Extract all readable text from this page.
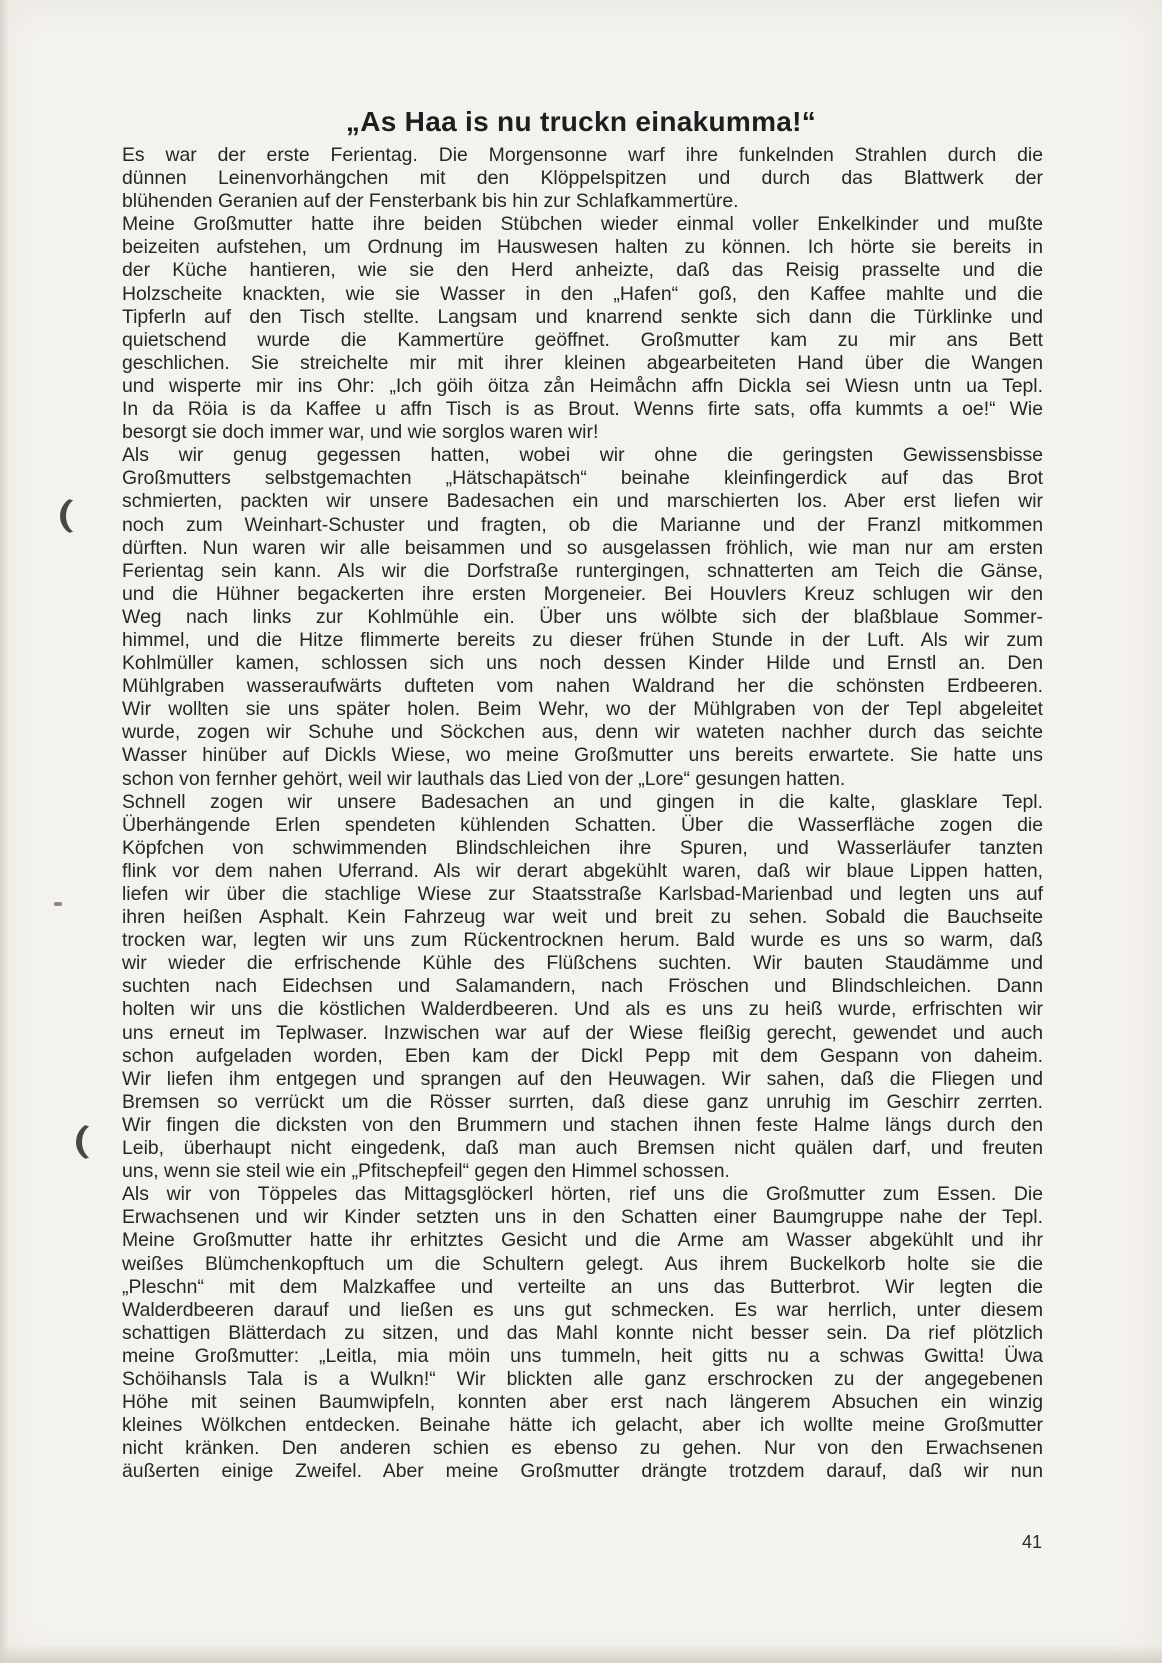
„As Haa is nu truckn einakumma!“
Es war der erste Ferientag. Die Morgensonne warf ihre funkelnden Strahlen durch die
dünnen Leinenvorhängchen mit den Klöppelspitzen und durch das Blattwerk der
blühenden Geranien auf der Fensterbank bis hin zur Schlafkammertüre.
Meine Großmutter hatte ihre beiden Stübchen wieder einmal voller Enkelkinder und mußte
beizeiten aufstehen, um Ordnung im Hauswesen halten zu können. Ich hörte sie bereits in
der Küche hantieren, wie sie den Herd anheizte, daß das Reisig prasselte und die
Holzscheite knackten, wie sie Wasser in den „Hafen“ goß, den Kaffee mahlte und die
Tipferln auf den Tisch stellte. Langsam und knarrend senkte sich dann die Türklinke und
quietschend wurde die Kammertüre geöffnet. Großmutter kam zu mir ans Bett
geschlichen. Sie streichelte mir mit ihrer kleinen abgearbeiteten Hand über die Wangen
und wisperte mir ins Ohr: „Ich göih öitza zån Heimåchn affn Dickla sei Wiesn untn ua Tepl.
In da Röia is da Kaffee u affn Tisch is as Brout. Wenns firte sats, offa kummts a oe!“ Wie
besorgt sie doch immer war, und wie sorglos waren wir!
Als wir genug gegessen hatten, wobei wir ohne die geringsten Gewissensbisse
Großmutters selbstgemachten „Hätschapätsch“ beinahe kleinfingerdick auf das Brot
schmierten, packten wir unsere Badesachen ein und marschierten los. Aber erst liefen wir
noch zum Weinhart-Schuster und fragten, ob die Marianne und der Franzl mitkommen
dürften. Nun waren wir alle beisammen und so ausgelassen fröhlich, wie man nur am ersten
Ferientag sein kann. Als wir die Dorfstraße runtergingen, schnatterten am Teich die Gänse,
und die Hühner begackerten ihre ersten Morgeneier. Bei Houvlers Kreuz schlugen wir den
Weg nach links zur Kohlmühle ein. Über uns wölbte sich der blaßblaue Sommer-
himmel, und die Hitze flimmerte bereits zu dieser frühen Stunde in der Luft. Als wir zum
Kohlmüller kamen, schlossen sich uns noch dessen Kinder Hilde und Ernstl an. Den
Mühlgraben wasseraufwärts dufteten vom nahen Waldrand her die schönsten Erdbeeren.
Wir wollten sie uns später holen. Beim Wehr, wo der Mühlgraben von der Tepl abgeleitet
wurde, zogen wir Schuhe und Söckchen aus, denn wir wateten nachher durch das seichte
Wasser hinüber auf Dickls Wiese, wo meine Großmutter uns bereits erwartete. Sie hatte uns
schon von fernher gehört, weil wir lauthals das Lied von der „Lore“ gesungen hatten.
Schnell zogen wir unsere Badesachen an und gingen in die kalte, glasklare Tepl.
Überhängende Erlen spendeten kühlenden Schatten. Über die Wasserfläche zogen die
Köpfchen von schwimmenden Blindschleichen ihre Spuren, und Wasserläufer tanzten
flink vor dem nahen Uferrand. Als wir derart abgekühlt waren, daß wir blaue Lippen hatten,
liefen wir über die stachlige Wiese zur Staatsstraße Karlsbad-Marienbad und legten uns auf
ihren heißen Asphalt. Kein Fahrzeug war weit und breit zu sehen. Sobald die Bauchseite
trocken war, legten wir uns zum Rückentrocknen herum. Bald wurde es uns so warm, daß
wir wieder die erfrischende Kühle des Flüßchens suchten. Wir bauten Staudämme und
suchten nach Eidechsen und Salamandern, nach Fröschen und Blindschleichen. Dann
holten wir uns die köstlichen Walderdbeeren. Und als es uns zu heiß wurde, erfrischten wir
uns erneut im Teplwaser. Inzwischen war auf der Wiese fleißig gerecht, gewendet und auch
schon aufgeladen worden, Eben kam der Dickl Pepp mit dem Gespann von daheim.
Wir liefen ihm entgegen und sprangen auf den Heuwagen. Wir sahen, daß die Fliegen und
Bremsen so verrückt um die Rösser surrten, daß diese ganz unruhig im Geschirr zerrten.
Wir fingen die dicksten von den Brummern und stachen ihnen feste Halme längs durch den
Leib, überhaupt nicht eingedenk, daß man auch Bremsen nicht quälen darf, und freuten
uns, wenn sie steil wie ein „Pfitschepfeil“ gegen den Himmel schossen.
Als wir von Töppeles das Mittagsglöckerl hörten, rief uns die Großmutter zum Essen. Die
Erwachsenen und wir Kinder setzten uns in den Schatten einer Baumgruppe nahe der Tepl.
Meine Großmutter hatte ihr erhitztes Gesicht und die Arme am Wasser abgekühlt und ihr
weißes Blümchenkopftuch um die Schultern gelegt. Aus ihrem Buckelkorb holte sie die
„Pleschn“ mit dem Malzkaffee und verteilte an uns das Butterbrot. Wir legten die
Walderdbeeren darauf und ließen es uns gut schmecken. Es war herrlich, unter diesem
schattigen Blätterdach zu sitzen, und das Mahl konnte nicht besser sein. Da rief plötzlich
meine Großmutter: „Leitla, mia möin uns tummeln, heit gitts nu a schwas Gwitta! Üwa
Schöihansls Tala is a Wulkn!“ Wir blickten alle ganz erschrocken zu der angegebenen
Höhe mit seinen Baumwipfeln, konnten aber erst nach längerem Absuchen ein winzig
kleines Wölkchen entdecken. Beinahe hätte ich gelacht, aber ich wollte meine Großmutter
nicht kränken. Den anderen schien es ebenso zu gehen. Nur von den Erwachsenen
äußerten einige Zweifel. Aber meine Großmutter drängte trotzdem darauf, daß wir nun
41
